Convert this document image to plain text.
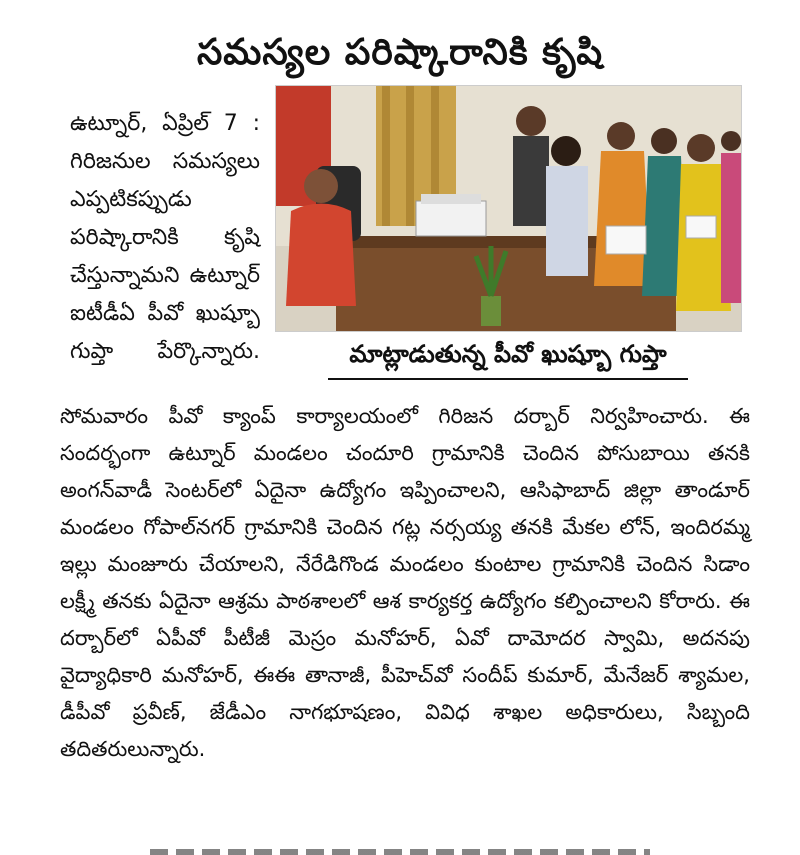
సమస్యల పరిష్కారానికి కృషి

ఉట్నూర్, ఏప్రిల్ 7 : గిరిజనుల సమస్యలు ఎప్పటికప్పుడు పరిష్కారానికి కృషి చేస్తున్నామని ఉట్నూర్ ఐటీడీఏ పీవో ఖుష్బూ గుప్తా పేర్కొన్నారు.	మాట్లాడుతున్న పీవో ఖుష్బూ గుప్తా

సోమవారం పీవో క్యాంప్ కార్యాలయంలో గిరిజన దర్బార్ నిర్వహించారు. ఈ సందర్భంగా ఉట్నూర్ మండలం చందూరి గ్రామానికి చెందిన పోసుబాయి తనకి అంగన్‌వాడీ సెంటర్‌లో ఏదైనా ఉద్యోగం ఇప్పించాలని, ఆసిఫాబాద్ జిల్లా తాండూర్ మండలం గోపాల్‌నగర్ గ్రామానికి చెందిన గట్ల నర్సయ్య తనకి మేకల లోన్, ఇందిరమ్మ ఇల్లు మంజూరు చేయాలని, నేరేడిగొండ మండలం కుంటాల గ్రామానికి చెందిన సిడాం లక్ష్మీ తనకు ఏదైనా ఆశ్రమ పాఠశాలలో ఆశ కార్యకర్త ఉద్యోగం కల్పించాలని కోరారు. ఈ దర్బార్‌లో ఏపీవో పీటీజీ మెస్రం మనోహర్, ఏవో దామోదర స్వామి, అదనపు వైద్యాధికారి మనోహర్, ఈఈ తానాజీ, పీహెచ్‌వో సందీప్ కుమార్, మేనేజర్ శ్యామల, డీపీవో ప్రవీణ్, జేడీఎం నాగభూషణం, వివిధ శాఖల అధికారులు, సిబ్బంది తదితరులున్నారు.
